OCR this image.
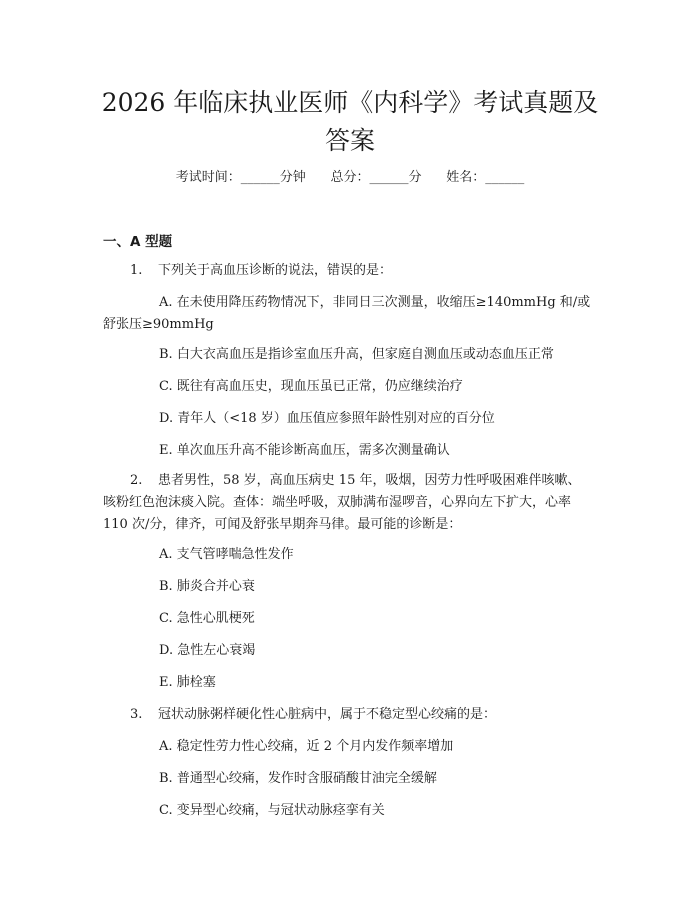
2026 年临床执业医师《内科学》考试真题及答案
考试时间：______分钟      总分：______分      姓名：______
一、A 型题
1. 下列关于高血压诊断的说法，错误的是：

A. 在未使用降压药物情况下，非同日三次测量，收缩压≥140mmHg 和/或舒张压≥90mmHg

B. 白大衣高血压是指诊室血压升高，但家庭自测血压或动态血压正常
C. 既往有高血压史，现血压虽已正常，仍应继续治疗
D. 青年人（<18 岁）血压值应参照年龄性别对应的百分位
E. 单次血压升高不能诊断高血压，需多次测量确认

2. 患者男性，58 岁，高血压病史 15 年，吸烟，因劳力性呼吸困难伴咳嗽、咳粉红色泡沫痰入院。查体：端坐呼吸，双肺满布湿啰音，心界向左下扩大，心率 110 次/分，律齐，可闻及舒张早期奔马律。最可能的诊断是：

A. 支气管哮喘急性发作
B. 肺炎合并心衰
C. 急性心肌梗死
D. 急性左心衰竭
E. 肺栓塞
3. 冠状动脉粥样硬化性心脏病中，属于不稳定型心绞痛的是：
A. 稳定性劳力性心绞痛，近 2 个月内发作频率增加
B. 普通型心绞痛，发作时含服硝酸甘油完全缓解
C. 变异型心绞痛，与冠状动脉痉挛有关
